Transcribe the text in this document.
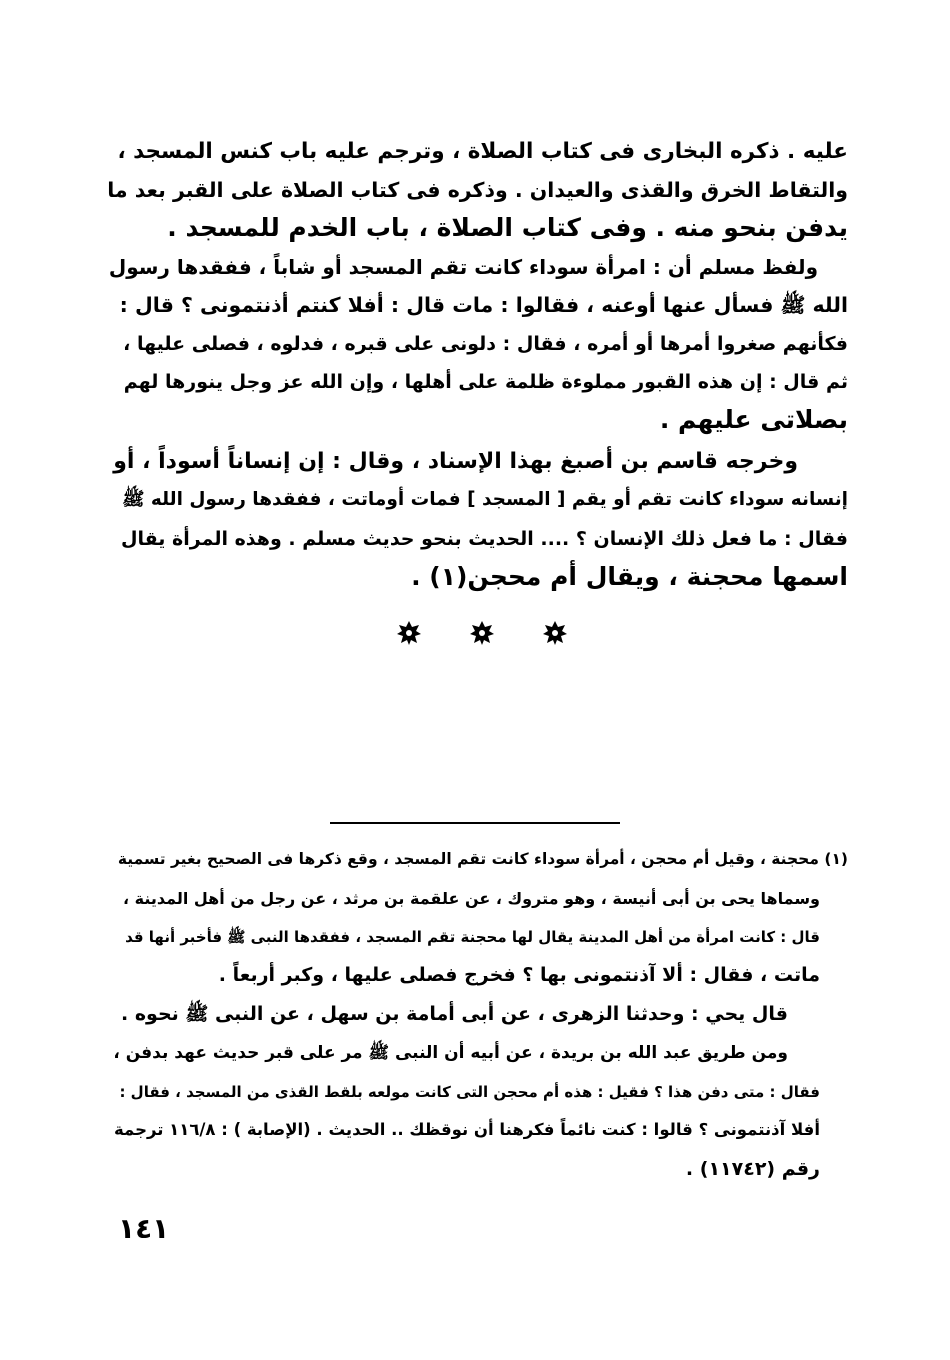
عليه . ذكره البخارى فى كتاب الصلاة ، وترجم عليه باب كنس المسجد ،
والتقاط الخرق والقذى والعيدان . وذكره فى كتاب الصلاة على القبر بعد ما
يدفن بنحو منه . وفى كتاب الصلاة ، باب الخدم للمسجد .
ولفظ مسلم أن : امرأة سوداء كانت تقم المسجد أو شاباً ، ففقدها رسول
الله ﷺ فسأل عنها أوعنه ، فقالوا : مات قال : أفلا كنتم أذنتمونى ؟ قال :
فكأنهم صغروا أمرها أو أمره ، فقال : دلونى على قبره ، فدلوه ، فصلى عليها ،
ثم قال : إن هذه القبور مملوءة ظلمة على أهلها ، وإن الله عز وجل ينورها لهم
بصلاتى عليهم .
وخرجه قاسم بن أصبغ بهذا الإسناد ، وقال : إن إنساناً أسوداً ، أو
إنسانه سوداء كانت تقم أو يقم [ المسجد ] فمات أوماتت ، ففقدها رسول الله ﷺ
فقال : ما فعل ذلك الإنسان ؟ .... الحديث بنحو حديث مسلم . وهذه المرأة يقال
اسمها محجنة ، ويقال أم محجن(١) .
(١) محجنة ، وقيل أم محجن ، أمرأة سوداء كانت تقم المسجد ، وقع ذكرها فى الصحيح بغير تسمية
وسماها يحى بن أبى أنيسة ، وهو متروك ، عن علقمة بن مرثد ، عن رجل من أهل المدينة ،
قال : كانت امرأة من أهل المدينة يقال لها محجنة تقم المسجد ، ففقدها النبى ﷺ فأخبر أنها قد
ماتت ، فقال : ألا آذنتمونى بها ؟ فخرج فصلى عليها ، وكبر أربعاً .
قال يحي : وحدثنا الزهرى ، عن أبى أمامة بن سهل ، عن النبى ﷺ نحوه .
ومن طريق عبد الله بن بريدة ، عن أبيه أن النبى ﷺ مر على قبر حديث عهد بدفن ،
فقال : متى دفن هذا ؟ فقيل : هذه أم محجن التى كانت مولعه بلقط القذى من المسجد ، فقال :
أفلا آذنتمونى ؟ قالوا : كنت نائماً فكرهنا أن نوقظك .. الحديث . (الإصابة ) : ١١٦/٨ ترجمة
رقم (١١٧٤٢) .
١٤١
